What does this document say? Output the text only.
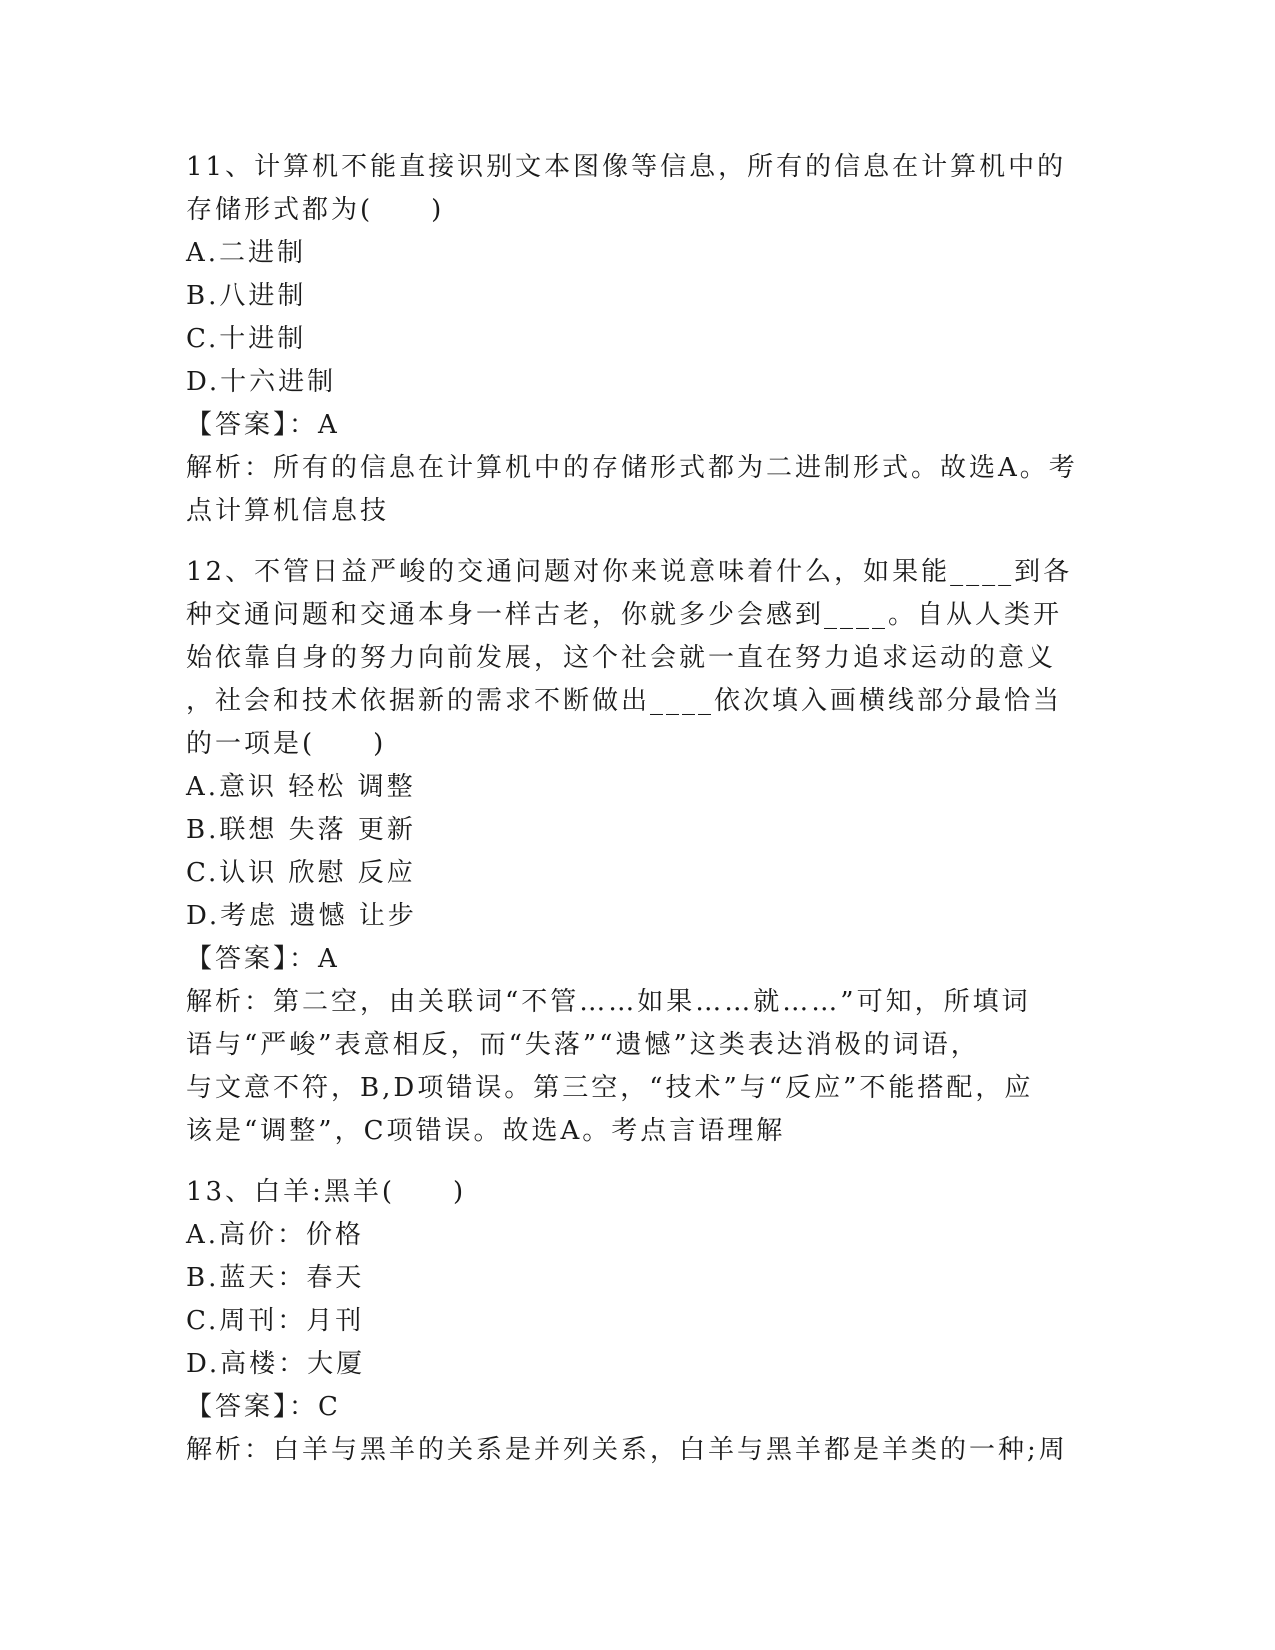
11、计算机不能直接识别文本图像等信息，所有的信息在计算机中的
存储形式都为(　　)
A.二进制
B.八进制
C.十进制
D.十六进制
【答案】：A
解析：所有的信息在计算机中的存储形式都为二进制形式。故选A。考
点计算机信息技
12、不管日益严峻的交通问题对你来说意味着什么，如果能____到各
种交通问题和交通本身一样古老，你就多少会感到____。自从人类开
始依靠自身的努力向前发展，这个社会就一直在努力追求运动的意义
，社会和技术依据新的需求不断做出____依次填入画横线部分最恰当
的一项是(　　)
A.意识 轻松 调整
B.联想 失落 更新
C.认识 欣慰 反应
D.考虑 遗憾 让步
【答案】：A
解析：第二空，由关联词“不管……如果……就……”可知，所填词
语与“严峻”表意相反，而“失落”“遗憾”这类表达消极的词语，
与文意不符，B,D项错误。第三空，“技术”与“反应”不能搭配，应
该是“调整”，C项错误。故选A。考点言语理解
13、白羊:黑羊(　　)
A.高价：价格
B.蓝天：春天
C.周刊：月刊
D.高楼：大厦
【答案】：C
解析：白羊与黑羊的关系是并列关系，白羊与黑羊都是羊类的一种;周
